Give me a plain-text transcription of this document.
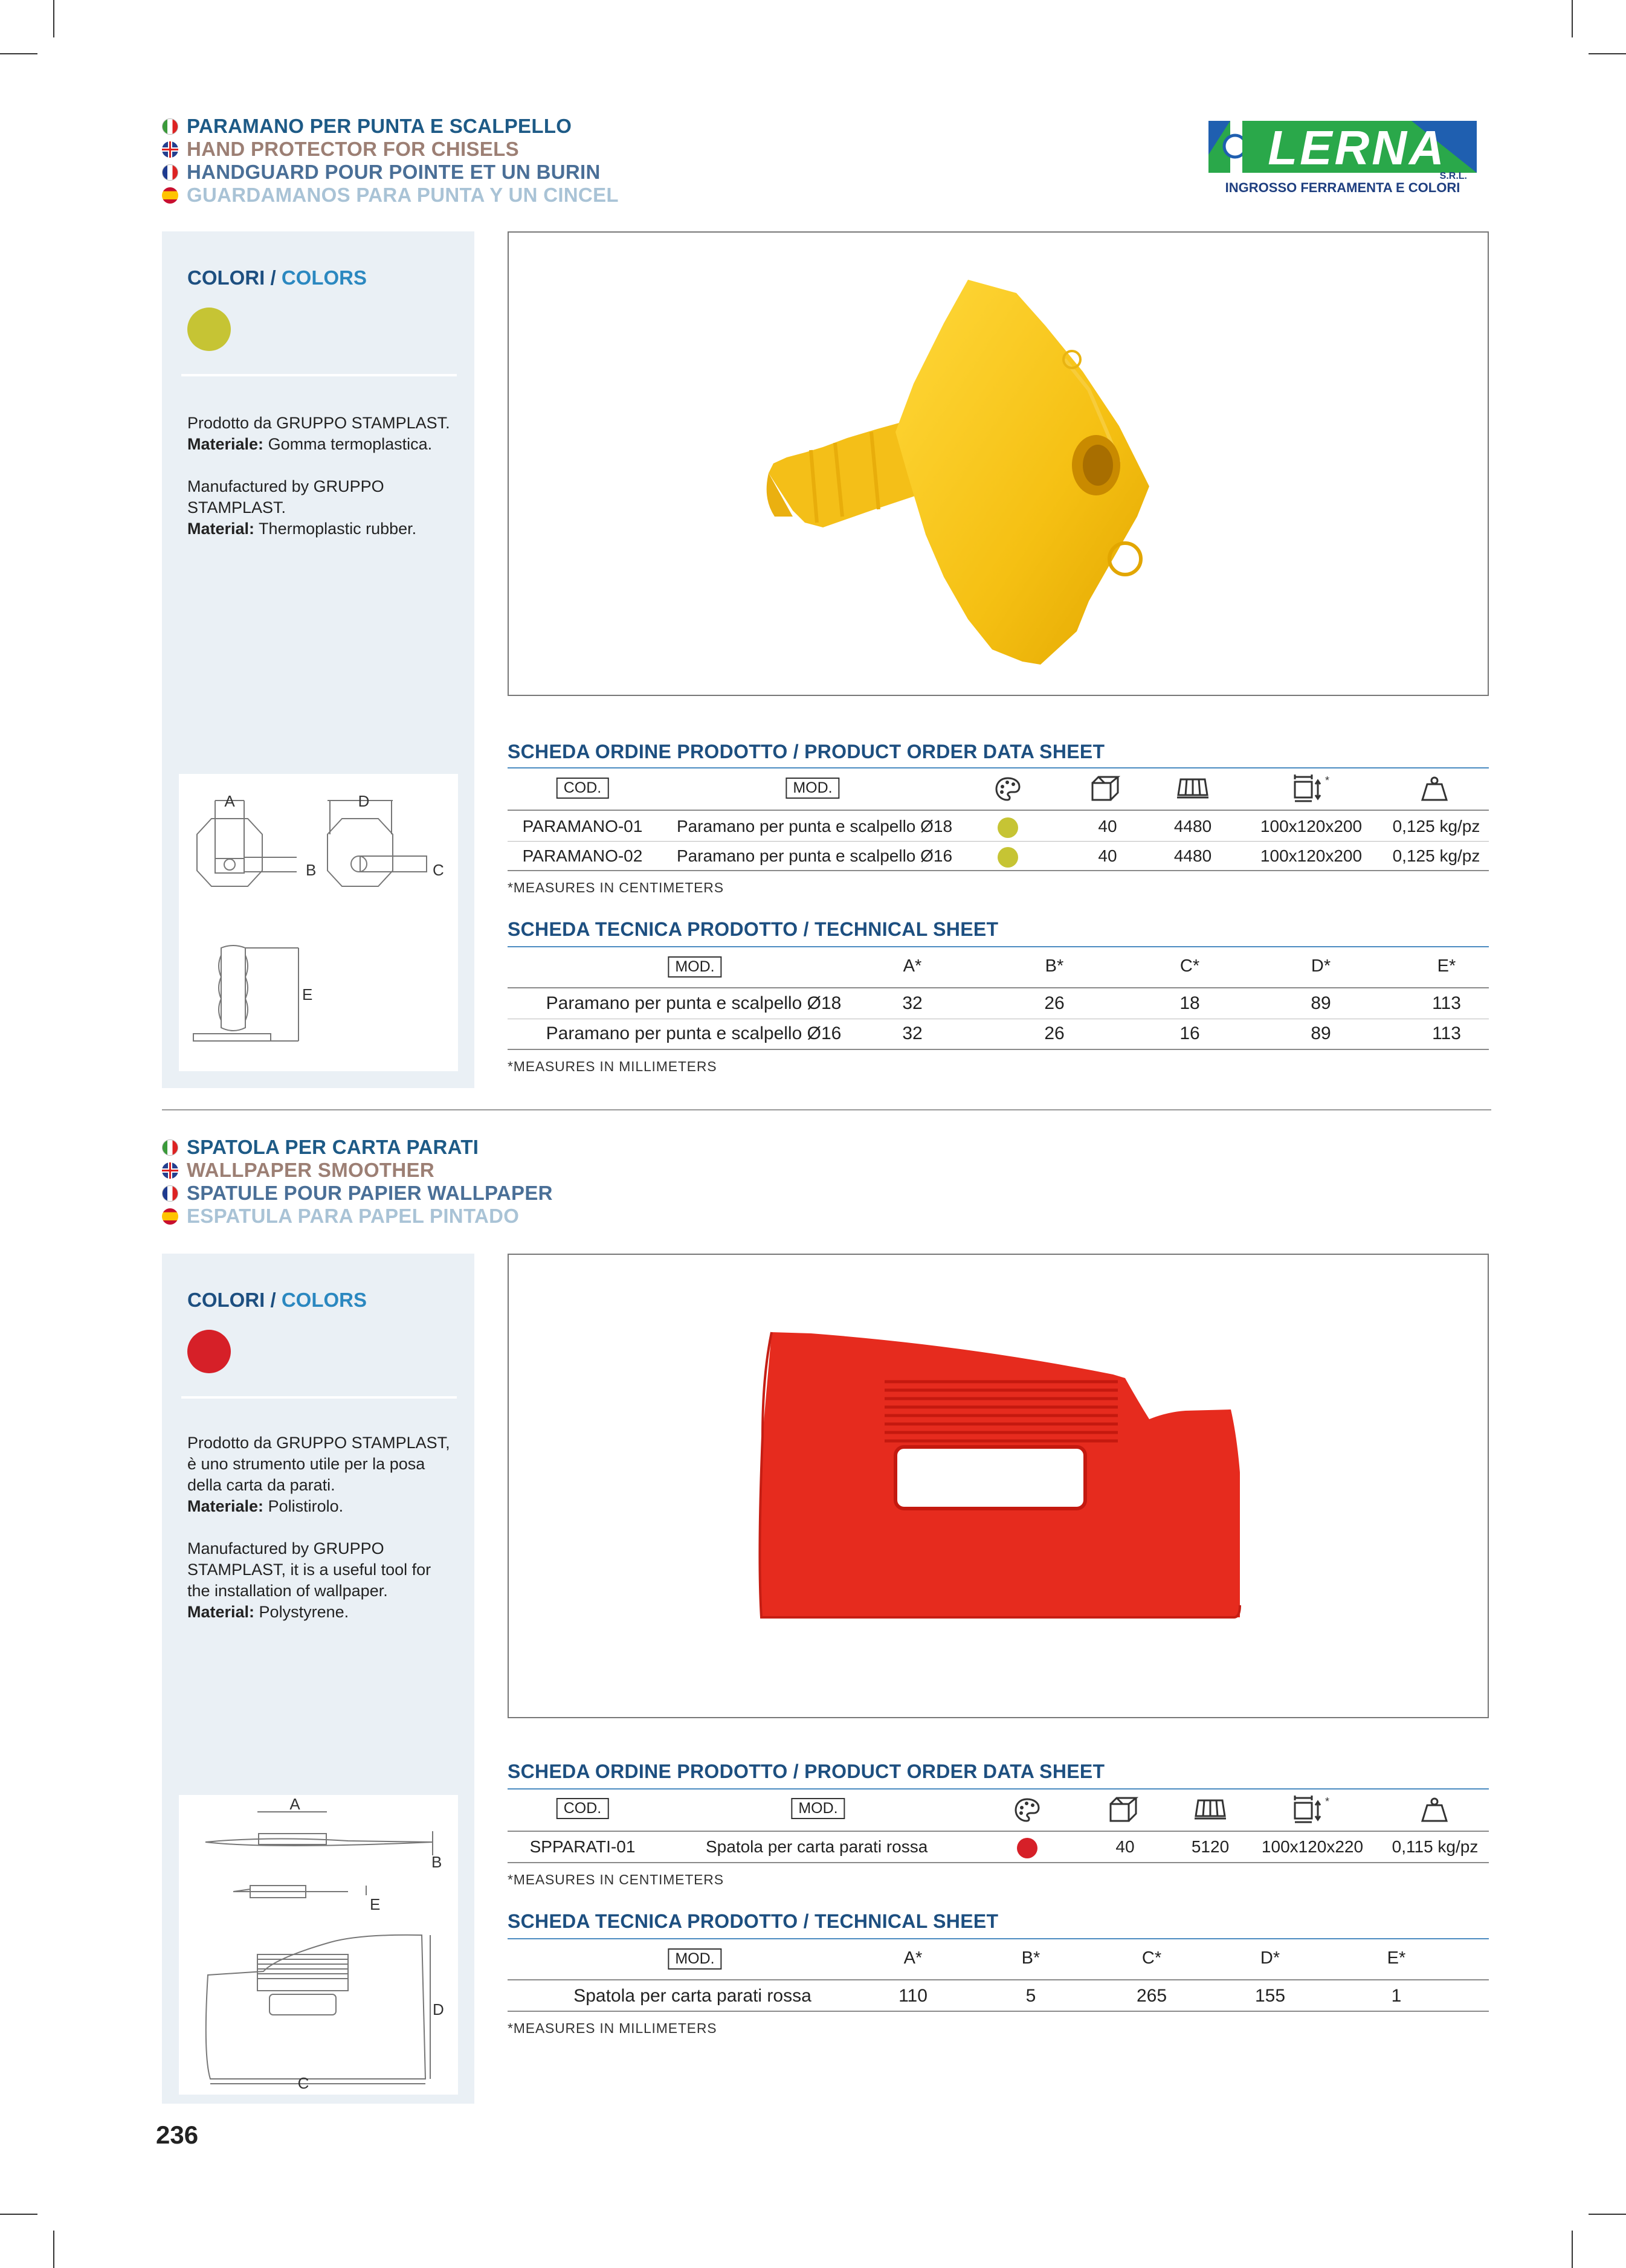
LERNA
S.R.L.
INGROSSO FERRAMENTA E COLORI
PARAMANO PER PUNTA E SCALPELLO
HAND PROTECTOR FOR CHISELS
HANDGUARD POUR POINTE ET UN BURIN
GUARDAMANOS PARA PUNTA Y UN CINCEL
COLORI / COLORS

Prodotto da GRUPPO STAMPLAST.
Materiale: Gomma termoplastica.

Manufactured by GRUPPO STAMPLAST.
Material: Thermoplastic rubber.

A
B	C
D
E
SCHEDA ORDINE PRODOTTO / PRODUCT ORDER DATA SHEET
COD.	MOD.	*
PARAMANO-01 Paramano per punta e scalpello Ø18	40	4480	100x120x200 0,125 kg/pz
PARAMANO-02 Paramano per punta e scalpello Ø16	40	4480	100x120x200 0,125 kg/pz
*MEASURES IN CENTIMETERS
SCHEDA TECNICA PRODOTTO / TECHNICAL SHEET
MOD.	A*	B*	C*	D*	E*
Paramano per punta e scalpello Ø18	32	26	18	89	113
Paramano per punta e scalpello Ø16	32	26	16	89	113
*MEASURES IN MILLIMETERS
SPATOLA PER CARTA PARATI
WALLPAPER SMOOTHER
SPATULE POUR PAPIER WALLPAPER
ESPATULA PARA PAPEL PINTADO
COLORI / COLORS

Prodotto da GRUPPO STAMPLAST, è uno strumento utile per la posa della carta da parati.
Materiale: Polistirolo.

Manufactured by GRUPPO STAMPLAST, it is a useful tool for the installation of wallpaper.
Material: Polystyrene.

A
B
E
D
C
SCHEDA ORDINE PRODOTTO / PRODUCT ORDER DATA SHEET
COD.	MOD.	*
SPPARATI-01	Spatola per carta parati rossa	40	5120 100x120x220 0,115 kg/pz
*MEASURES IN CENTIMETERS
SCHEDA TECNICA PRODOTTO / TECHNICAL SHEET
MOD.	A*	B*	C*	D*	E*
Spatola per carta parati rossa	110	5	265	155	1
*MEASURES IN MILLIMETERS
236
